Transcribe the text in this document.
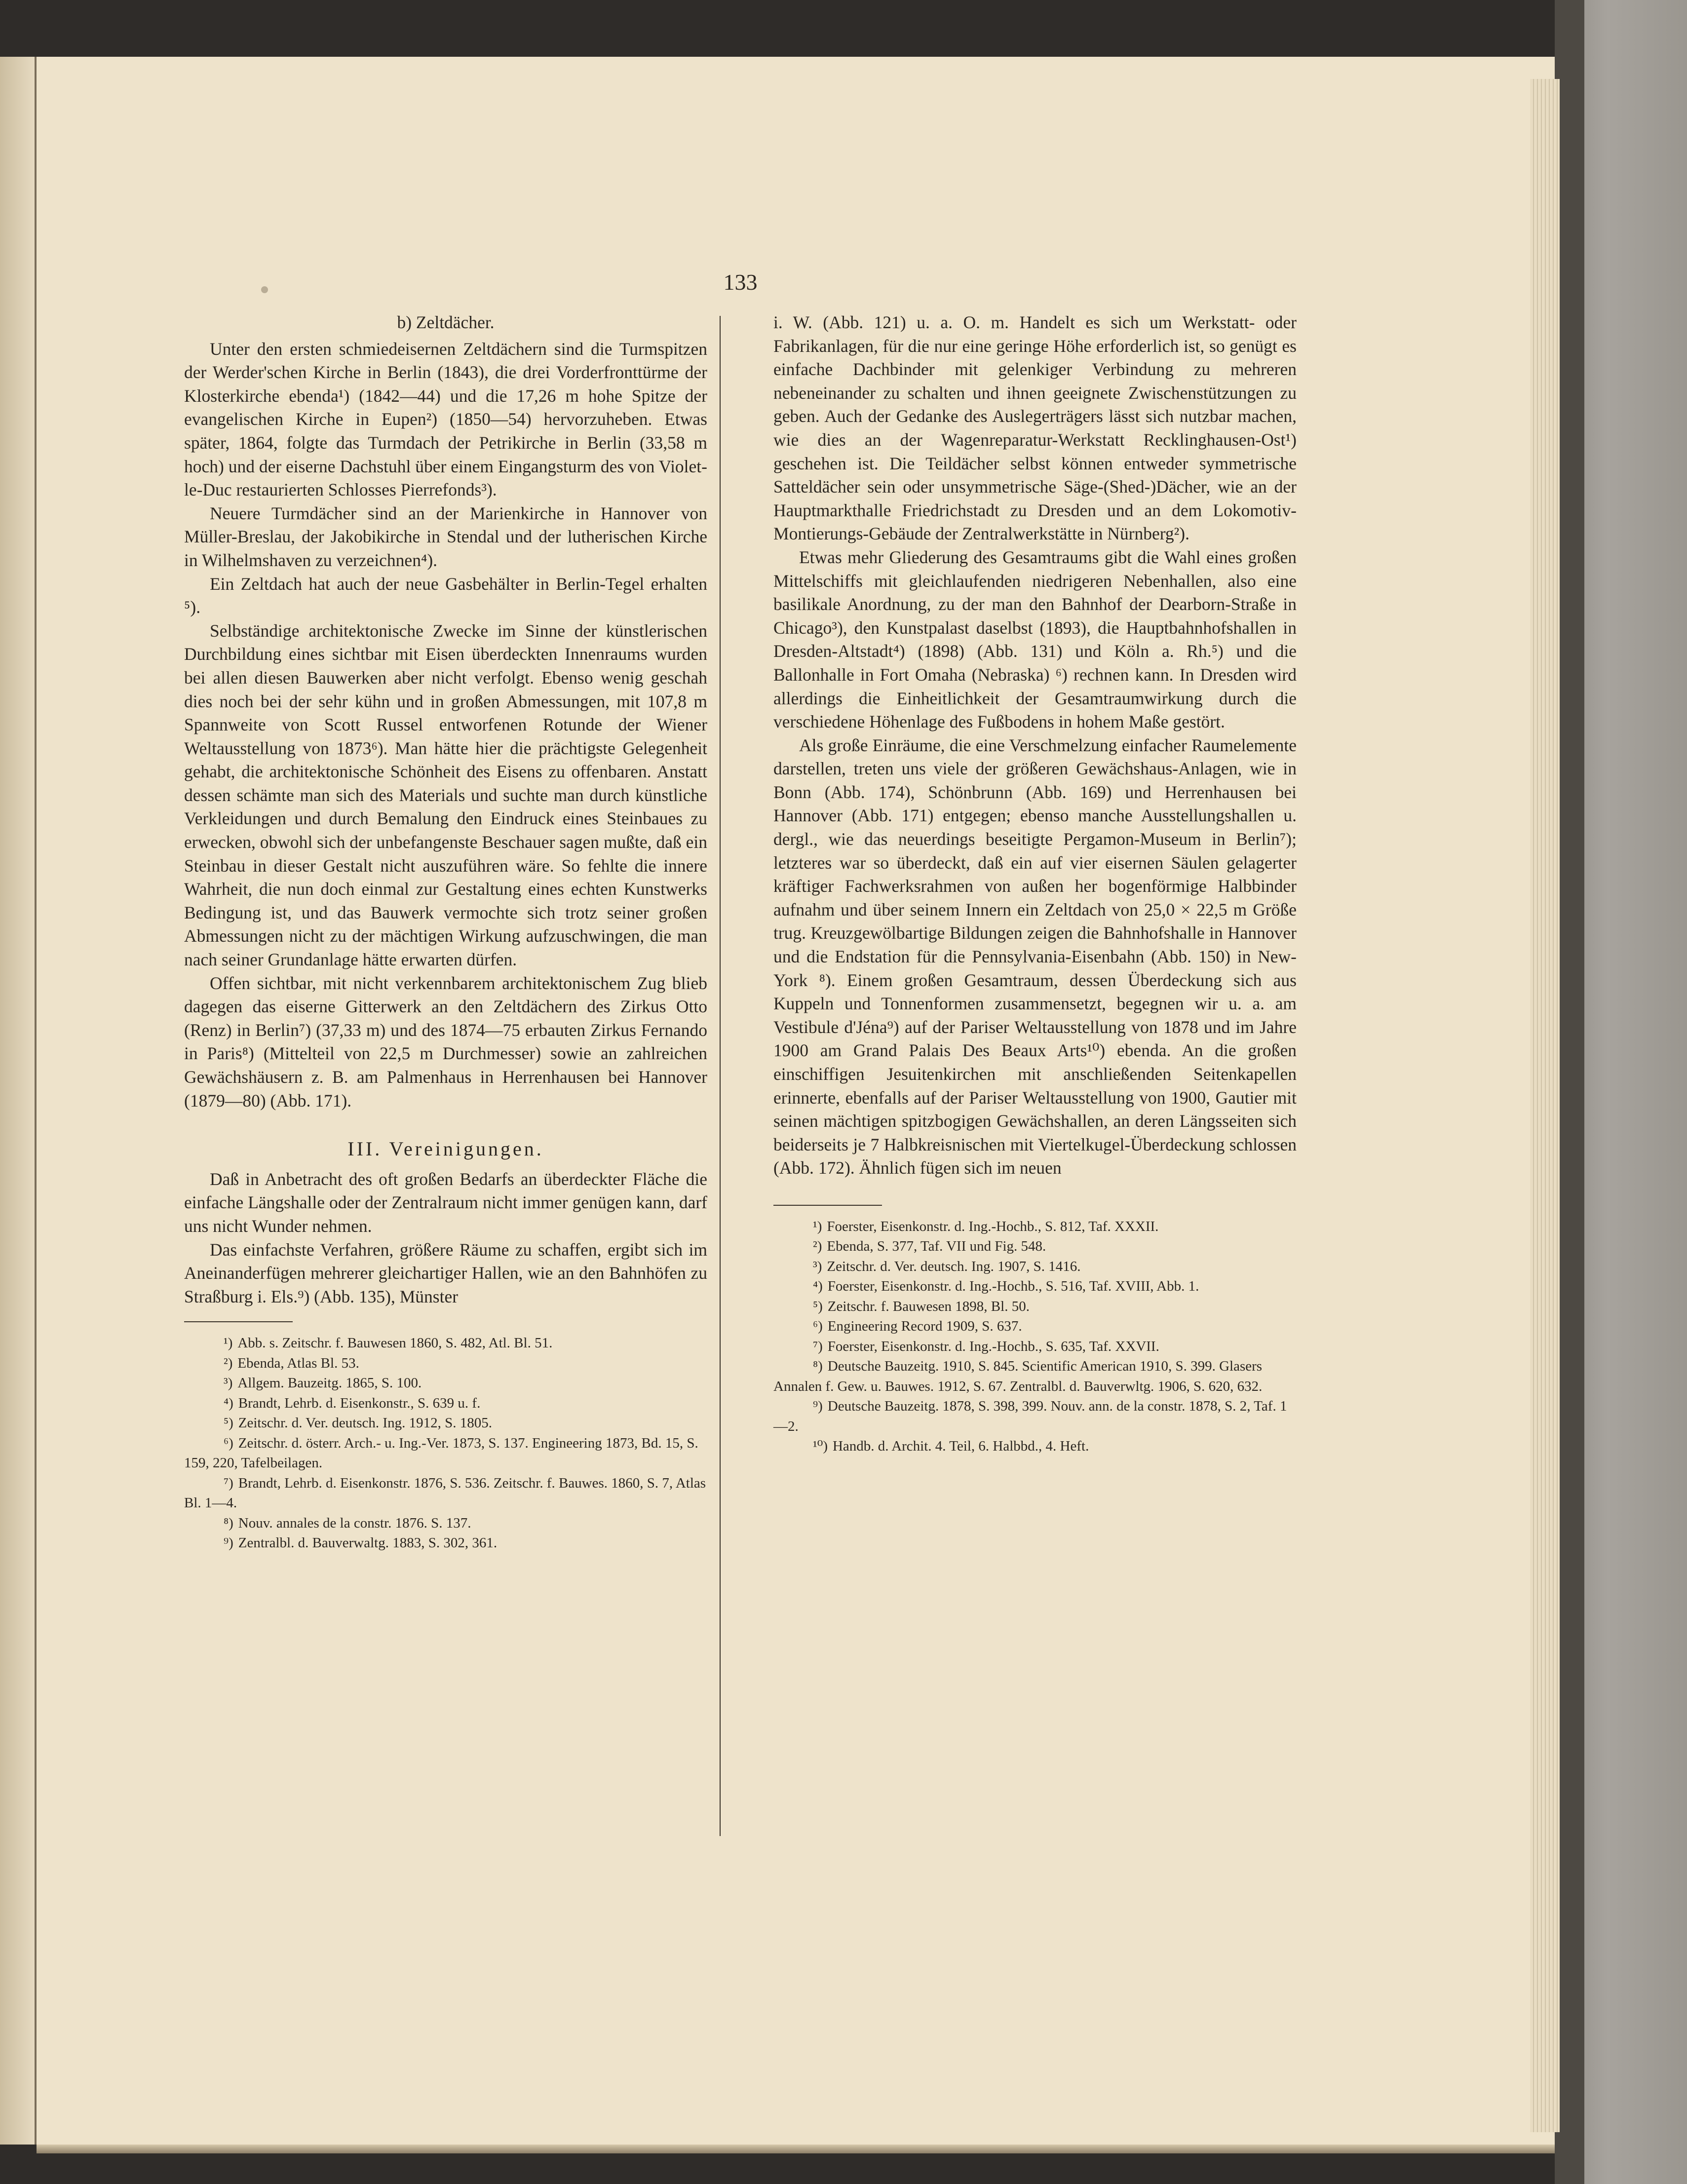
133
b) Zeltdächer.

Unter den ersten schmiedeisernen Zeltdächern sind die Turmspitzen der Werder'schen Kirche in Berlin (1843), die drei Vorderfronttürme der Klosterkirche ebenda¹) (1842—44) und die 17,26 m hohe Spitze der evangelischen Kirche in Eupen²) (1850—54) hervorzuheben. Etwas später, 1864, folgte das Turmdach der Petrikirche in Berlin (33,58 m hoch) und der eiserne Dachstuhl über einem Eingangsturm des von Violet-le-Duc restaurierten Schlosses Pierrefonds³).

Neuere Turmdächer sind an der Marienkirche in Hannover von Müller-Breslau, der Jakobikirche in Stendal und der lutherischen Kirche in Wilhelmshaven zu verzeichnen⁴).

Ein Zeltdach hat auch der neue Gasbehälter in Berlin-Tegel erhalten ⁵).

Selbständige architektonische Zwecke im Sinne der künstlerischen Durchbildung eines sichtbar mit Eisen überdeckten Innenraums wurden bei allen diesen Bauwerken aber nicht verfolgt. Ebenso wenig geschah dies noch bei der sehr kühn und in großen Abmessungen, mit 107,8 m Spannweite von Scott Russel entworfenen Rotunde der Wiener Weltausstellung von 1873⁶). Man hätte hier die prächtigste Gelegenheit gehabt, die architektonische Schönheit des Eisens zu offenbaren. Anstatt dessen schämte man sich des Materials und suchte man durch künstliche Verkleidungen und durch Bemalung den Eindruck eines Steinbaues zu erwecken, obwohl sich der unbefangenste Beschauer sagen mußte, daß ein Steinbau in dieser Gestalt nicht auszuführen wäre. So fehlte die innere Wahrheit, die nun doch einmal zur Gestaltung eines echten Kunstwerks Bedingung ist, und das Bauwerk vermochte sich trotz seiner großen Abmessungen nicht zu der mächtigen Wirkung aufzuschwingen, die man nach seiner Grundanlage hätte erwarten dürfen.

Offen sichtbar, mit nicht verkennbarem architektonischem Zug blieb dagegen das eiserne Gitterwerk an den Zeltdächern des Zirkus Otto (Renz) in Berlin⁷) (37,33 m) und des 1874—75 erbauten Zirkus Fernando in Paris⁸) (Mittelteil von 22,5 m Durchmesser) sowie an zahlreichen Gewächshäusern z. B. am Palmenhaus in Herrenhausen bei Hannover (1879—80) (Abb. 171).

III. Vereinigungen.

Daß in Anbetracht des oft großen Bedarfs an überdeckter Fläche die einfache Längshalle oder der Zentralraum nicht immer genügen kann, darf uns nicht Wunder nehmen.

Das einfachste Verfahren, größere Räume zu schaffen, ergibt sich im Aneinanderfügen mehrerer gleichartiger Hallen, wie an den Bahnhöfen zu Straßburg i. Els.⁹) (Abb. 135), Münster

¹) Abb. s. Zeitschr. f. Bauwesen 1860, S. 482, Atl. Bl. 51.

²) Ebenda, Atlas Bl. 53.

³) Allgem. Bauzeitg. 1865, S. 100.

⁴) Brandt, Lehrb. d. Eisenkonstr., S. 639 u. f.

⁵) Zeitschr. d. Ver. deutsch. Ing. 1912, S. 1805.

⁶) Zeitschr. d. österr. Arch.- u. Ing.-Ver. 1873, S. 137. Engineering 1873, Bd. 15, S. 159, 220, Tafelbeilagen.

⁷) Brandt, Lehrb. d. Eisenkonstr. 1876, S. 536. Zeitschr. f. Bauwes. 1860, S. 7, Atlas Bl. 1—4.

⁸) Nouv. annales de la constr. 1876. S. 137.

⁹) Zentralbl. d. Bauverwaltg. 1883, S. 302, 361.

i. W. (Abb. 121) u. a. O. m. Handelt es sich um Werkstatt- oder Fabrikanlagen, für die nur eine geringe Höhe erforderlich ist, so genügt es einfache Dachbinder mit gelenkiger Verbindung zu mehreren nebeneinander zu schalten und ihnen geeignete Zwischenstützungen zu geben. Auch der Gedanke des Auslegerträgers lässt sich nutzbar machen, wie dies an der Wagenreparatur-Werkstatt Recklinghausen-Ost¹) geschehen ist. Die Teildächer selbst können entweder symmetrische Satteldächer sein oder unsymmetrische Säge-(Shed-)Dächer, wie an der Hauptmarkthalle Friedrichstadt zu Dresden und an dem Lokomotiv-Montierungs-Gebäude der Zentralwerkstätte in Nürnberg²).

Etwas mehr Gliederung des Gesamtraums gibt die Wahl eines großen Mittelschiffs mit gleichlaufenden niedrigeren Nebenhallen, also eine basilikale Anordnung, zu der man den Bahnhof der Dearborn-Straße in Chicago³), den Kunstpalast daselbst (1893), die Hauptbahnhofshallen in Dresden-Altstadt⁴) (1898) (Abb. 131) und Köln a. Rh.⁵) und die Ballonhalle in Fort Omaha (Nebraska) ⁶) rechnen kann. In Dresden wird allerdings die Einheitlichkeit der Gesamtraumwirkung durch die verschiedene Höhenlage des Fußbodens in hohem Maße gestört.

Als große Einräume, die eine Verschmelzung einfacher Raumelemente darstellen, treten uns viele der größeren Gewächshaus-Anlagen, wie in Bonn (Abb. 174), Schönbrunn (Abb. 169) und Herrenhausen bei Hannover (Abb. 171) entgegen; ebenso manche Ausstellungshallen u. dergl., wie das neuerdings beseitigte Pergamon-Museum in Berlin⁷); letzteres war so überdeckt, daß ein auf vier eisernen Säulen gelagerter kräftiger Fachwerksrahmen von außen her bogenförmige Halbbinder aufnahm und über seinem Innern ein Zeltdach von 25,0 × 22,5 m Größe trug. Kreuzgewölbartige Bildungen zeigen die Bahnhofshalle in Hannover und die Endstation für die Pennsylvania-Eisenbahn (Abb. 150) in New-York ⁸). Einem großen Gesamtraum, dessen Überdeckung sich aus Kuppeln und Tonnenformen zusammensetzt, begegnen wir u. a. am Vestibule d'Jéna⁹) auf der Pariser Weltausstellung von 1878 und im Jahre 1900 am Grand Palais Des Beaux Arts¹⁰) ebenda. An die großen einschiffigen Jesuitenkirchen mit anschließenden Seitenkapellen erinnerte, ebenfalls auf der Pariser Weltausstellung von 1900, Gautier mit seinen mächtigen spitzbogigen Gewächshallen, an deren Längsseiten sich beiderseits je 7 Halbkreisnischen mit Viertelkugel-Überdeckung schlossen (Abb. 172). Ähnlich fügen sich im neuen

¹) Foerster, Eisenkonstr. d. Ing.-Hochb., S. 812, Taf. XXXII.

²) Ebenda, S. 377, Taf. VII und Fig. 548.

³) Zeitschr. d. Ver. deutsch. Ing. 1907, S. 1416.

⁴) Foerster, Eisenkonstr. d. Ing.-Hochb., S. 516, Taf. XVIII, Abb. 1.

⁵) Zeitschr. f. Bauwesen 1898, Bl. 50.

⁶) Engineering Record 1909, S. 637.

⁷) Foerster, Eisenkonstr. d. Ing.-Hochb., S. 635, Taf. XXVII.

⁸) Deutsche Bauzeitg. 1910, S. 845. Scientific American 1910, S. 399. Glasers Annalen f. Gew. u. Bauwes. 1912, S. 67. Zentralbl. d. Bauverwltg. 1906, S. 620, 632.

⁹) Deutsche Bauzeitg. 1878, S. 398, 399. Nouv. ann. de la constr. 1878, S. 2, Taf. 1—2.

¹⁰) Handb. d. Archit. 4. Teil, 6. Halbbd., 4. Heft.
